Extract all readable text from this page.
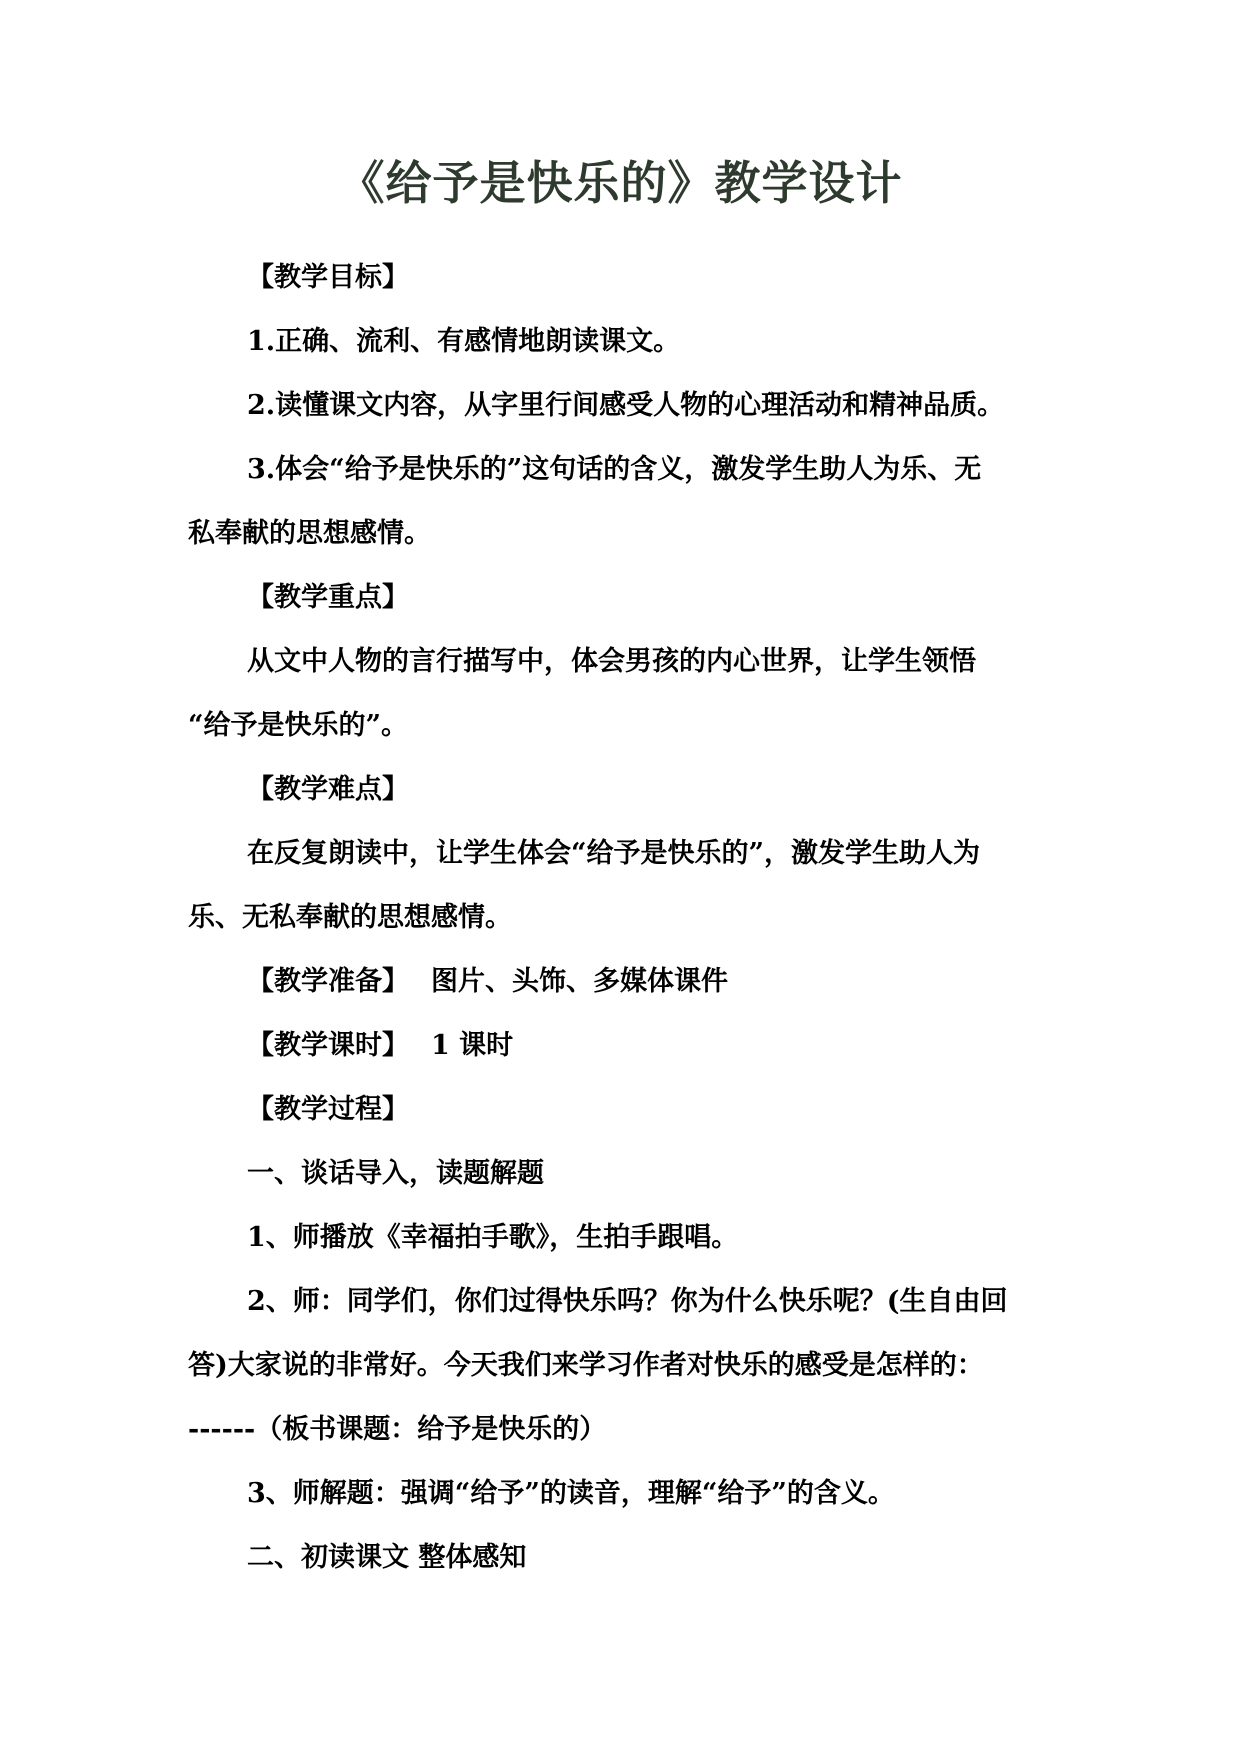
《给予是快乐的》教学设计
【教学目标】
1.正确、流利、有感情地朗读课文。
2.读懂课文内容，从字里行间感受人物的心理活动和精神品质。
3.体会“给予是快乐的”这句话的含义，激发学生助人为乐、无
私奉献的思想感情。
【教学重点】
从文中人物的言行描写中，体会男孩的内心世界，让学生领悟
“给予是快乐的”。
【教学难点】
在反复朗读中，让学生体会“给予是快乐的”，激发学生助人为
乐、无私奉献的思想感情。
【教学准备】 图片、头饰、多媒体课件
【教学课时】 1 课时
【教学过程】
一、谈话导入，读题解题
1、师播放《幸福拍手歌》，生拍手跟唱。
2、师：同学们，你们过得快乐吗？你为什么快乐呢？(生自由回
答)大家说的非常好。今天我们来学习作者对快乐的感受是怎样的：
------（板书课题：给予是快乐的）
3、师解题：强调“给予”的读音，理解“给予”的含义。
二、初读课文 整体感知
